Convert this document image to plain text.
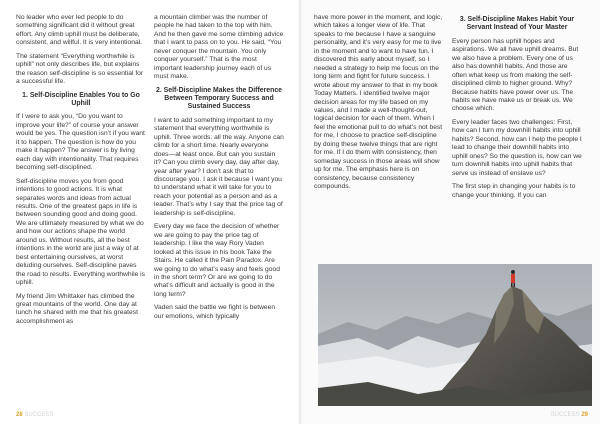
No leader who ever led people to do something significant did it without great effort. Any climb uphill must be deliberate, consistent, and willful. It is very intentional.

The statement “Everything worthwhile is uphill” not only describes life, but explains the reason self-discipline is so essential for a successful life.

1. Self-Discipline Enables You to Go Uphill

If I were to ask you, “Do you want to improve your life?” of course your answer would be yes. The question isn’t if you want it to happen. The question is how do you make it happen? The answer is by living each day with intentionality. That requires becoming self-disciplined.

Self-discipline moves you from good intentions to good actions. It is what separates words and ideas from actual results. One of the greatest gaps in life is between sounding good and doing good. We are ultimately measured by what we do and how our actions shape the world around us. Without results, all the best intentions in the world are just a way of at best entertaining ourselves, at worst deluding ourselves. Self-discipline paves the road to results. Everything worthwhile is uphill.

My friend Jim Whittaker has climbed the great mountains of the world. One day at lunch he shared with me that his greatest accomplishment as

a mountain climber was the number of people he had taken to the top with him. And he then gave me some climbing advice that I want to pass on to you. He said, “You never conquer the mountain. You only conquer yourself.” That is the most important leadership journey each of us must make.

2. Self-Discipline Makes the Difference Between Temporary Success and Sustained Success

I want to add something important to my statement that everything worthwhile is uphill. Three words: all the way. Anyone can climb for a short time. Nearly everyone does—at least once. But can you sustain it? Can you climb every day, day after day, year after year? I don’t ask that to discourage you. I ask it because I want you to understand what it will take for you to reach your potential as a person and as a leader. That’s why I say that the price tag of leadership is self-discipline.

Every day we face the decision of whether we are going to pay the price tag of leadership. I like the way Rory Vaden looked at this issue in his book Take the Stairs. He called it the Pain Paradox. Are we going to do what’s easy and feels good in the short term? Or are we going to do what’s difficult and actually is good in the long term?

Vaden said the battle we fight is between our emotions, which typically

have more power in the moment, and logic, which takes a longer view of life. That speaks to me because I have a sanguine personality, and it’s very easy for me to live in the moment and to want to have fun. I discovered this early about myself, so I needed a strategy to help me focus on the long term and fight for future success. I wrote about my answer to that in my book Today Matters. I identified twelve major decision areas for my life based on my values, and I made a well-thought-out, logical decision for each of them. When I feel the emotional pull to do what’s not best for me, I choose to practice self-discipline by doing these twelve things that are right for me. If I do them with consistency, then someday success in those areas will show up for me. The emphasis here is on consistency, because consistency compounds.

3. Self-Discipline Makes Habit Your Servant Instead of Your Master

Every person has uphill hopes and aspirations. We all have uphill dreams. But we also have a problem. Every one of us also has downhill habits. And those are often what keep us from making the self-disciplined climb to higher ground. Why? Because habits have power over us. The habits we have make us or break us. We choose which.

Every leader faces two challenges: First, how can I turn my downhill habits into uphill habits? Second, how can I help the people I lead to change their downhill habits into uphill ones? So the question is, how can we turn downhill habits into uphill habits that serve us instead of enslave us?

The first step in changing your habits is to change your thinking. If you can

28 SUCCESS	SUCCESS 29
